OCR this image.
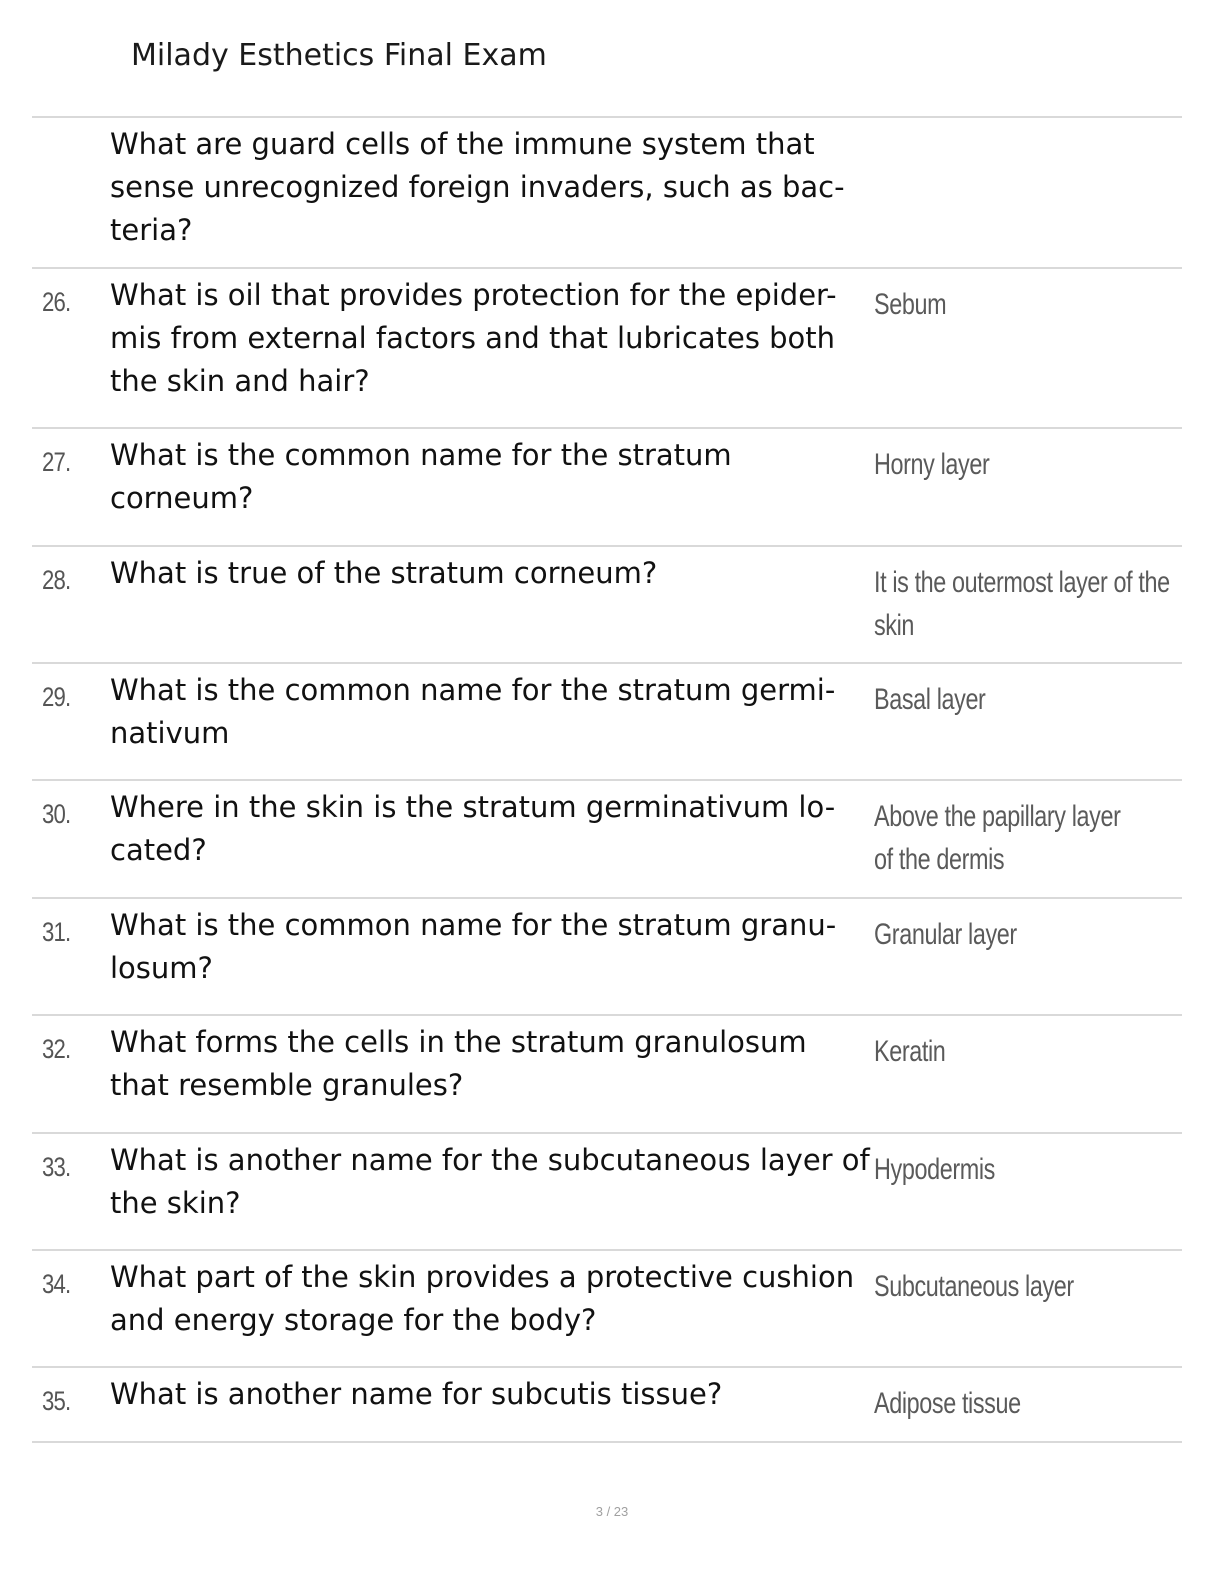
Milady Esthetics Final Exam
What are guard cells of the immune system that sense unrecognized foreign invaders, such as bac-teria?
26. What is oil that provides protection for the epider-mis from external factors and that lubricates both the skin and hair?
Sebum
27. What is the common name for the stratum corneum?
Horny layer
28. What is true of the stratum corneum?	It is the outermost layer of the skin
29. What is the common name for the stratum germi-nativum
Basal layer
30. Where in the skin is the stratum germinativum lo-cated?
Above the papillary layer of the dermis
31. What is the common name for the stratum granu-losum?
Granular layer
32. What forms the cells in the stratum granulosum that resemble granules?
Keratin
33. What is another name for the subcutaneous layer of the skin?
Hypodermis
34. What part of the skin provides a protective cushion and energy storage for the body?
Subcutaneous layer
35. What is another name for subcutis tissue?	Adipose tissue
3 / 23
